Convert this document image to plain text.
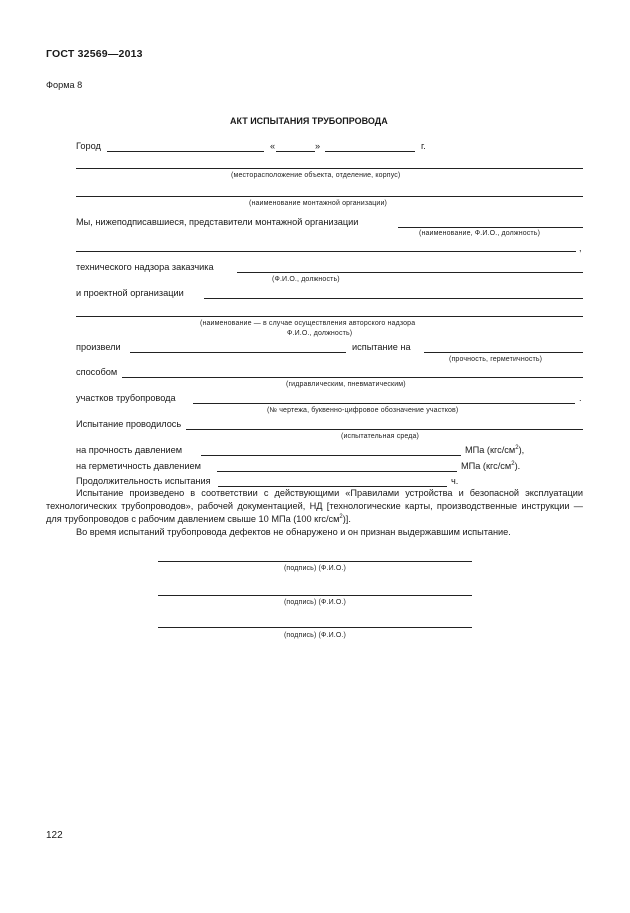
ГОСТ 32569—2013
Форма 8
АКТ ИСПЫТАНИЯ ТРУБОПРОВОДА
Город	«	»	г.
(месторасположение объекта, отделение, корпус)
(наименование монтажной организации)
Мы, нижеподписавшиеся, представители монтажной организации
(наименование, Ф.И.О., должность)
,
технического надзора заказчика
(Ф.И.О., должность)
и проектной организации
(наименование — в случае осуществления авторского надзора
Ф.И.О., должность)
произвели	испытание на
(прочность, герметичность)
способом
(гидравлическим, пневматическим)
участков трубопровода	.
(№ чертежа, буквенно-цифровое обозначение участков)
Испытание проводилось
(испытательная среда)
на прочность давлением	МПа $(кгс/см^2)$,
на герметичность давлением	МПа $(кгс/см^2)$.
Продолжительность испытания	ч.
Испытание произведено в соответствии с действующими «Правилами устройства и безопасной эксплуатации технологических трубопроводов», рабочей документацией, НД [технологические карты, производственные инструкции — для трубопроводов с рабочим давлением свыше 10 МПа (100 кгс/$см^2$)].
Во время испытаний трубопровода дефектов не обнаружено и он признан выдержавшим испытание.
(подпись) (Ф.И.О.)
(подпись) (Ф.И.О.)
(подпись) (Ф.И.О.)
122
